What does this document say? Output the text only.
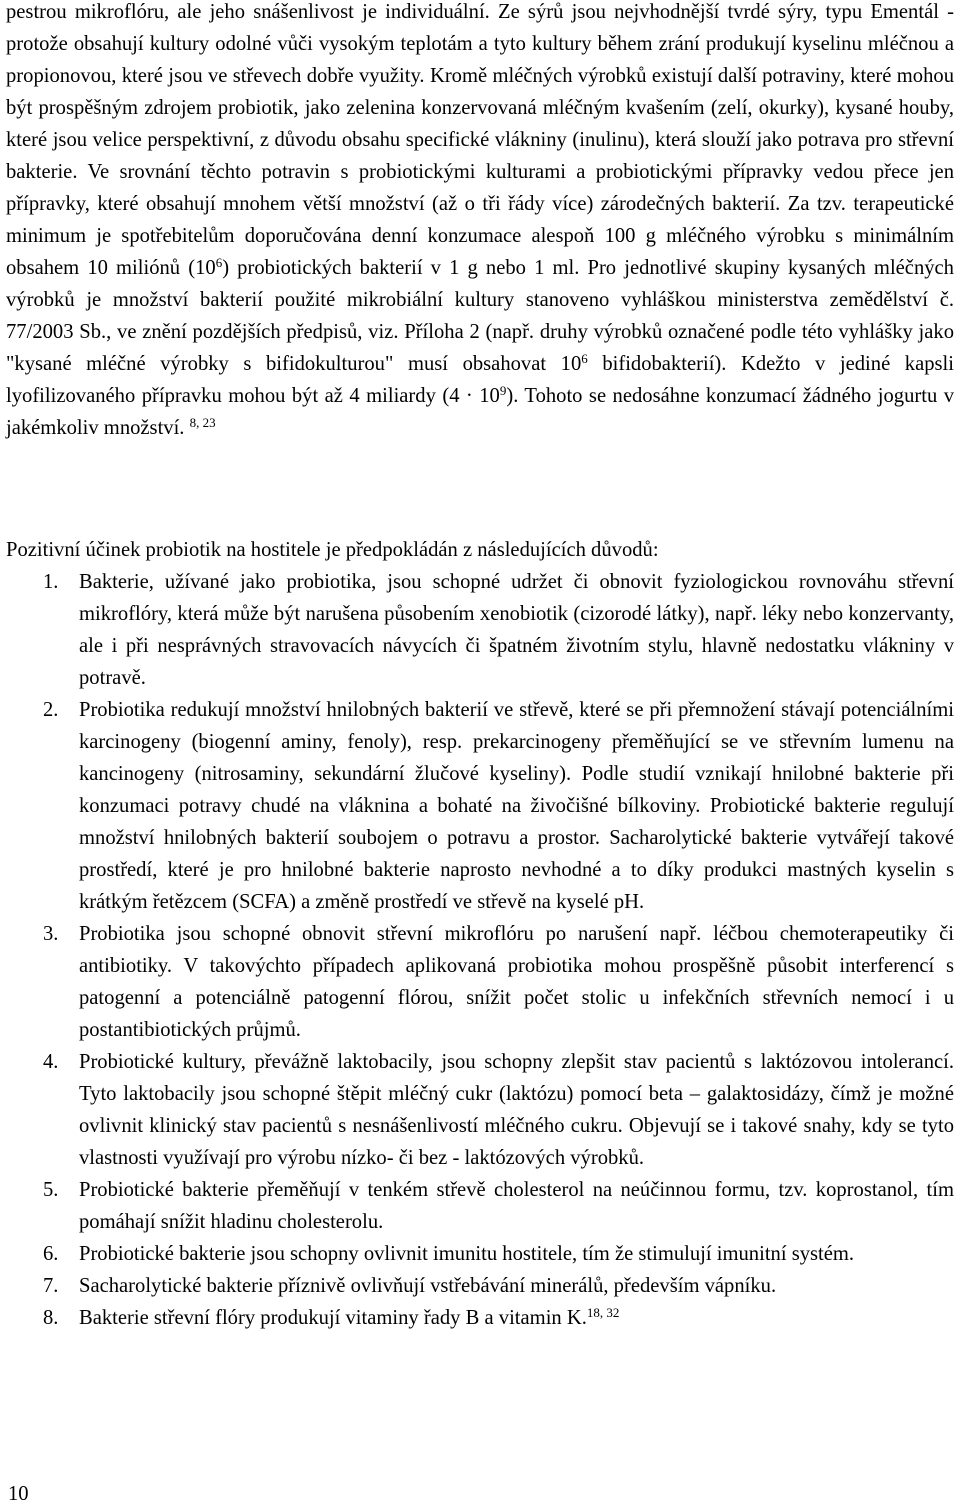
pestrou mikroflóru, ale jeho snášenlivost je individuální. Ze sýrů jsou nejvhodnější tvrdé sýry, typu Ementál - protože obsahují kultury odolné vůči vysokým teplotám a tyto kultury během zrání produkují kyselinu mléčnou a propionovou, které jsou ve střevech dobře využity. Kromě mléčných výrobků existují další potraviny, které mohou být prospěšným zdrojem probiotik, jako zelenina konzervovaná mléčným kvašením (zelí, okurky), kysané houby, které jsou velice perspektivní, z důvodu obsahu specifické vlákniny (inulinu), která slouží jako potrava pro střevní bakterie. Ve srovnání těchto potravin s probiotickými kulturami a probiotickými přípravky vedou přece jen přípravky, které obsahují mnohem větší množství (až o tři řády více) zárodečných bakterií. Za tzv. terapeutické minimum je spotřebitelům doporučována denní konzumace alespoň 100 g mléčného výrobku s minimálním obsahem 10 miliónů $(10^6)$ probiotických bakterií v 1 g nebo 1 ml. Pro jednotlivé skupiny kysaných mléčných výrobků je množství bakterií použité mikrobiální kultury stanoveno vyhláškou ministerstva zemědělství č. 77/2003 Sb., ve znění pozdějších předpisů, viz. Příloha 2 (např. druhy výrobků označené podle této vyhlášky jako "kysané mléčné výrobky s bifidokulturou" musí obsahovat $10^6$ bifidobakterií). Kdežto v jediné kapsli lyofilizovaného přípravku mohou být až 4 miliardy $(4 \cdot 10^9)$. Tohoto se nedosáhne konzumací žádného jogurtu v jakémkoliv množství. $^{8, 23}$

Pozitivní účinek probiotik na hostitele je předpokládán z následujících důvodů:

1. Bakterie, užívané jako probiotika, jsou schopné udržet či obnovit fyziologickou rovnováhu střevní mikroflóry, která může být narušena působením xenobiotik (cizorodé látky), např. léky nebo konzervanty, ale i při nesprávných stravovacích návycích či špatném životním stylu, hlavně nedostatku vlákniny v potravě.

2. Probiotika redukují množství hnilobných bakterií ve střevě, které se při přemnožení stávají potenciálními karcinogeny (biogenní aminy, fenoly), resp. prekarcinogeny přeměňující se ve střevním lumenu na kancinogeny (nitrosaminy, sekundární žlučové kyseliny). Podle studií vznikají hnilobné bakterie při konzumaci potravy chudé na vláknina a bohaté na živočišné bílkoviny. Probiotické bakterie regulují množství hnilobných bakterií soubojem o potravu a prostor. Sacharolytické bakterie vytvářejí takové prostředí, které je pro hnilobné bakterie naprosto nevhodné a to díky produkci mastných kyselin s krátkým řetězcem (SCFA) a změně prostředí ve střevě na kyselé pH.

3. Probiotika jsou schopné obnovit střevní mikroflóru po narušení např. léčbou chemoterapeutiky či antibiotiky. V takovýchto případech aplikovaná probiotika mohou prospěšně působit interferencí s patogenní a potenciálně patogenní flórou, snížit počet stolic u infekčních střevních nemocí i u postantibiotických průjmů.

4. Probiotické kultury, převážně laktobacily, jsou schopny zlepšit stav pacientů s laktózovou intolerancí. Tyto laktobacily jsou schopné štěpit mléčný cukr (laktózu) pomocí beta – galaktosidázy, čímž je možné ovlivnit klinický stav pacientů s nesnášenlivostí mléčného cukru. Objevují se i takové snahy, kdy se tyto vlastnosti využívají pro výrobu nízko- či bez - laktózových výrobků.

5. Probiotické bakterie přeměňují v tenkém střevě cholesterol na neúčinnou formu, tzv. koprostanol, tím pomáhají snížit hladinu cholesterolu.

6. Probiotické bakterie jsou schopny ovlivnit imunitu hostitele, tím že stimulují imunitní systém.

7. Sacharolytické bakterie příznivě ovlivňují vstřebávání minerálů, především vápníku.

8. Bakterie střevní flóry produkují vitaminy řady B a vitamin K.$^{18, 32}$

10
